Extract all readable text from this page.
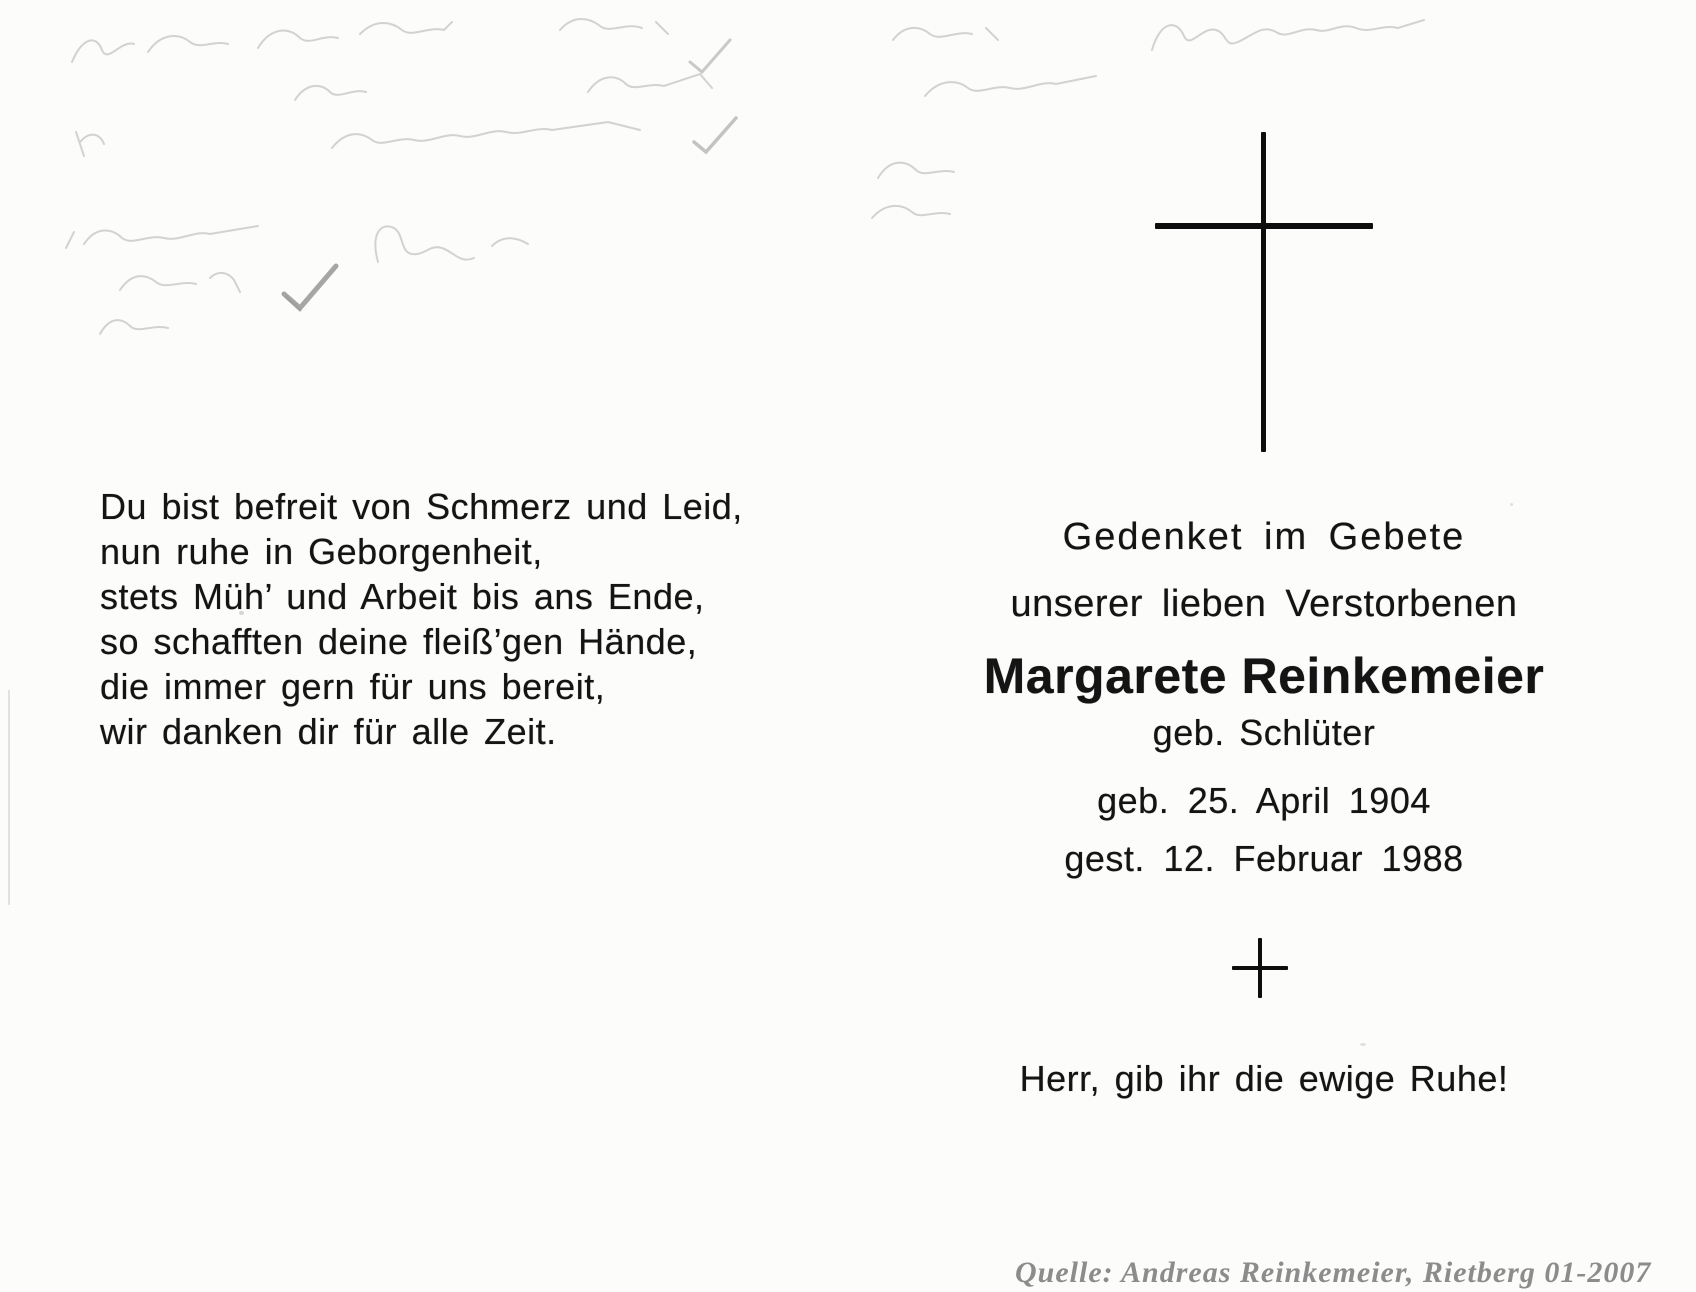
Du bist befreit von Schmerz und Leid,
nun ruhe in Geborgenheit,
stets Müh’ und Arbeit bis ans Ende,
so schafften deine fleiß’gen Hände,
die immer gern für uns bereit,
wir danken dir für alle Zeit.
Gedenket im Gebete
unserer lieben Verstorbenen
Margarete Reinkemeier
geb. Schlüter
geb. 25. April 1904
gest. 12. Februar 1988
Herr, gib ihr die ewige Ruhe!
Quelle: Andreas Reinkemeier, Rietberg 01-2007
